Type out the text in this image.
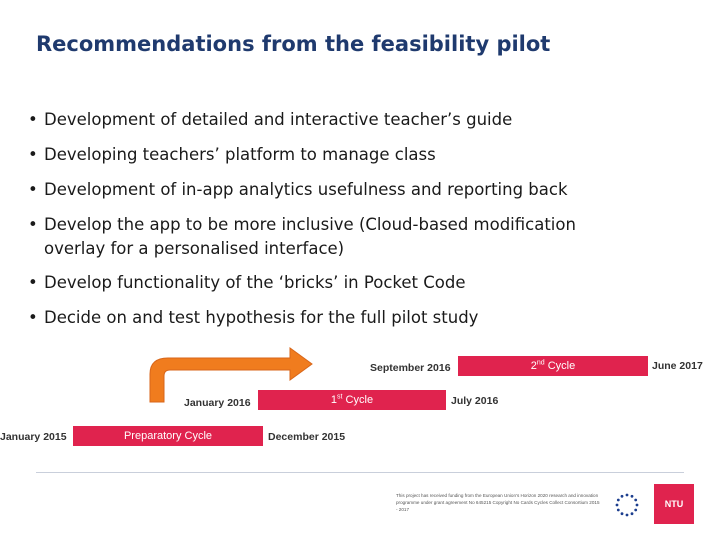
Recommendations from the feasibility pilot
• Development of detailed and interactive teacher’s guide
• Developing teachers’ platform to manage class
• Development of in-app analytics usefulness and reporting back
• Develop the app to be more inclusive (Cloud-based modification
overlay for a personalised interface)
• Develop functionality of the ‘bricks’ in Pocket Code
• Decide on and test hypothesis for the full pilot study
Preparatory Cycle
January 2015	December 2015
1st Cycle
January 2016	July 2016
2nd Cycle
September 2016	June 2017
This project has received funding from the European Union’s Horizon 2020 research and innovation programme under grant agreement No 645215 Copyright No Cards Cycles Collect Consortium 2015 - 2017
NTU
